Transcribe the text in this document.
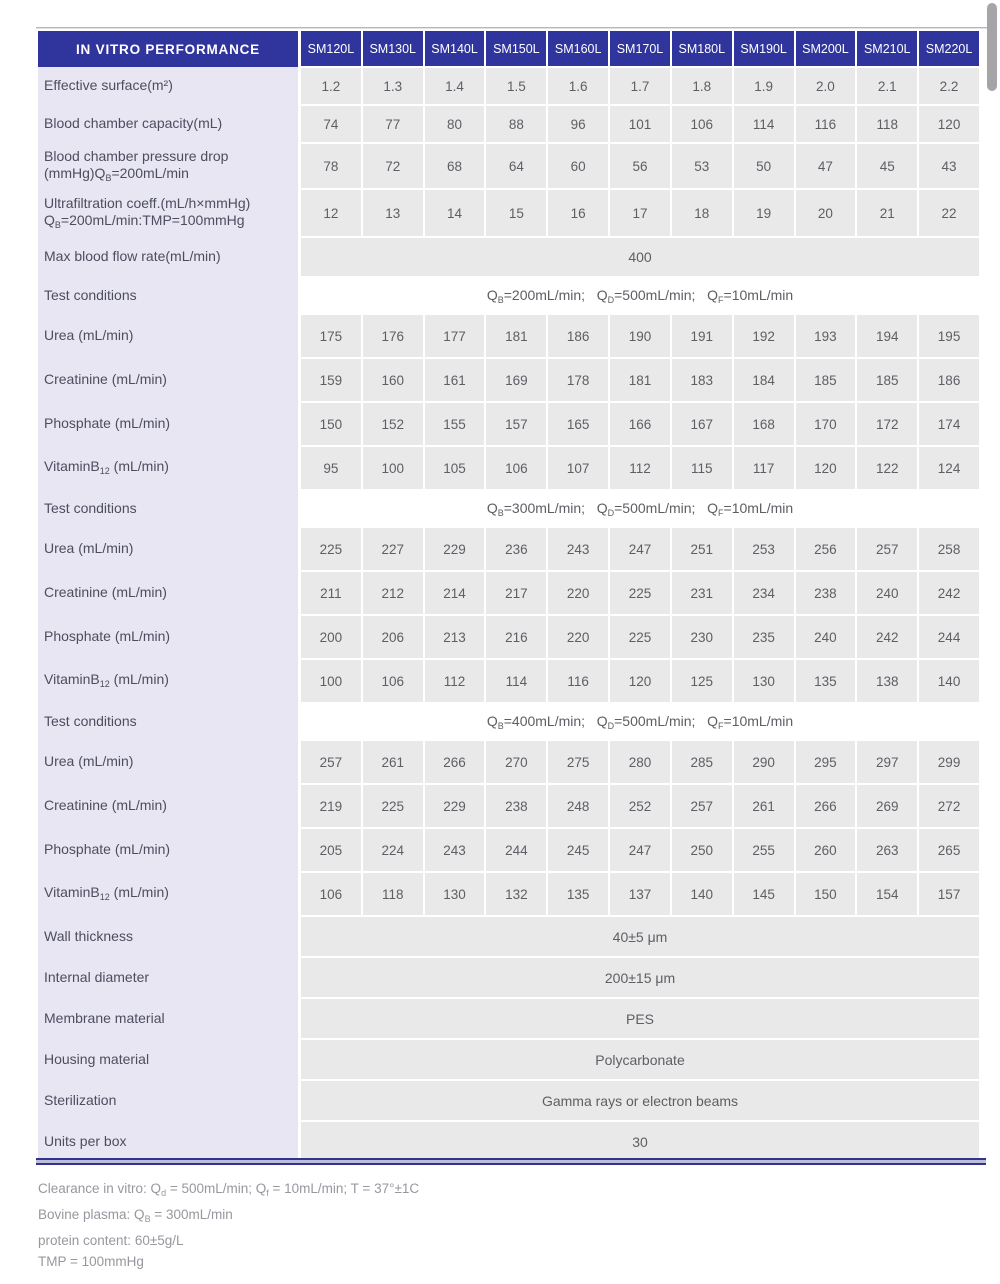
IN VITRO PERFORMANCE	SM120L	SM130L	SM140L	SM150L	SM160L	SM170L	SM180L	SM190L	SM200L	SM210L	SM220L
Effective surface(m²)	1.2	1.3	1.4	1.5	1.6	1.7	1.8	1.9	2.0	2.1	2.2
Blood chamber capacity(mL)	74	77	80	88	96	101	106	114	116	118	120
Blood chamber pressure drop
$(mmHg)Q_B=200mL/\min$	78	72	68	64	60	56	53	50	47	45	43
Ultrafiltration coeff.(mL/h×mmHg)
$Q_B=200mL/\min:TMP=100mmHg$	12	13	14	15	16	17	18	19	20	21	22
Max blood flow rate(mL/min)	400										
Test conditions	$Q_B=200mL/\min$;   $Q_D=500mL/\min$;   $Q_F=10mL/\min$										
Urea (mL/min)	175	176	177	181	186	190	191	192	193	194	195
Creatinine (mL/min)	159	160	161	169	178	181	183	184	185	185	186
Phosphate (mL/min)	150	152	155	157	165	166	167	168	170	172	174
VitaminB$_{12}$ (mL/min)	95	100	105	106	107	112	115	117	120	122	124
Test conditions	$Q_B=300mL/\min$;   $Q_D=500mL/\min$;   $Q_F=10mL/\min$										
Urea (mL/min)	225	227	229	236	243	247	251	253	256	257	258
Creatinine (mL/min)	211	212	214	217	220	225	231	234	238	240	242
Phosphate (mL/min)	200	206	213	216	220	225	230	235	240	242	244
VitaminB$_{12}$ (mL/min)	100	106	112	114	116	120	125	130	135	138	140
Test conditions	$Q_B=400mL/\min$;   $Q_D=500mL/\min$;   $Q_F=10mL/\min$										
Urea (mL/min)	257	261	266	270	275	280	285	290	295	297	299
Creatinine (mL/min)	219	225	229	238	248	252	257	261	266	269	272
Phosphate (mL/min)	205	224	243	244	245	247	250	255	260	263	265
VitaminB$_{12}$ (mL/min)	106	118	130	132	135	137	140	145	150	154	157
Wall thickness	40±5 μm										
Internal diameter	200±15 μm										
Membrane material	PES										
Housing material	Polycarbonate										
Sterilization	Gamma rays or electron beams										
Units per box	30										
Clearance in vitro: $Q_d = 500mL/\min$; $Q_f = 10mL/\min$; T = 37°±1C
Bovine plasma: $Q_B = 300mL/\min$
protein content: 60±5g/L
TMP = 100mmHg
